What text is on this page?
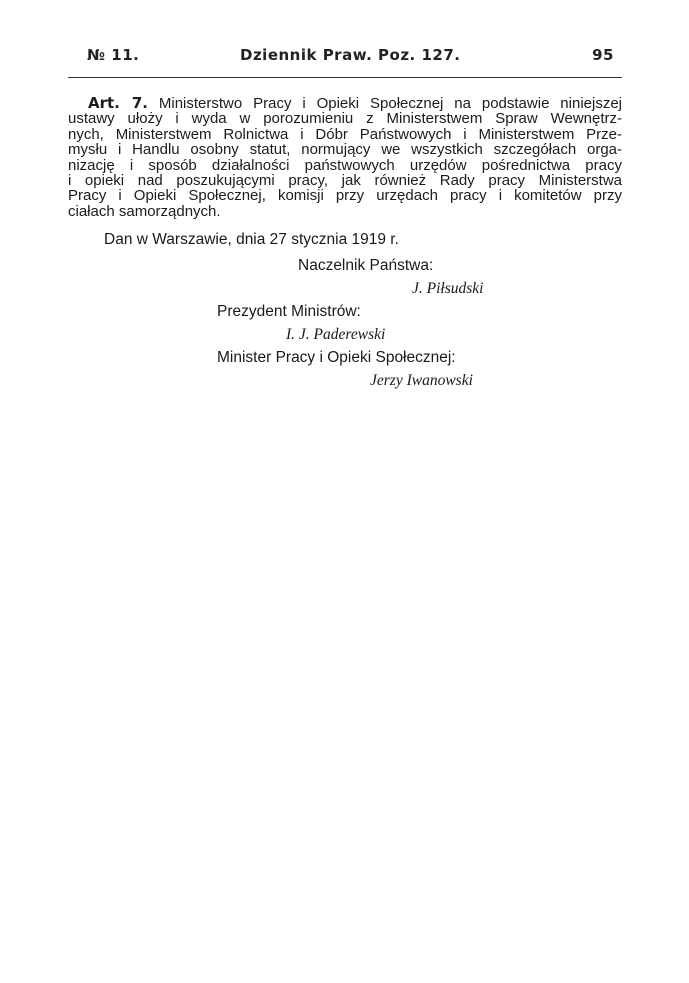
№ 11.	Dziennik Praw. Poz. 127.	95
Art. 7. Ministerstwo Pracy i Opieki Społecznej na podstawie niniejszej
ustawy ułoży i wyda w porozumieniu z Ministerstwem Spraw Wewnętrz-
nych, Ministerstwem Rolnictwa i Dóbr Państwowych i Ministerstwem Prze-
mysłu i Handlu osobny statut, normujący we wszystkich szczegółach orga-
nizację i sposób działalności państwowych urzędów pośrednictwa pracy
i opieki nad poszukującymi pracy, jak również Rady pracy Ministerstwa
Pracy i Opieki Społecznej, komisji przy urzędach pracy i komitetów przy
ciałach samorządnych.
Dan w Warszawie, dnia 27 stycznia 1919 r.
Naczelnik Państwa:
J. Piłsudski
Prezydent Ministrów:
I. J. Paderewski
Minister Pracy i Opieki Społecznej:
Jerzy Iwanowski
